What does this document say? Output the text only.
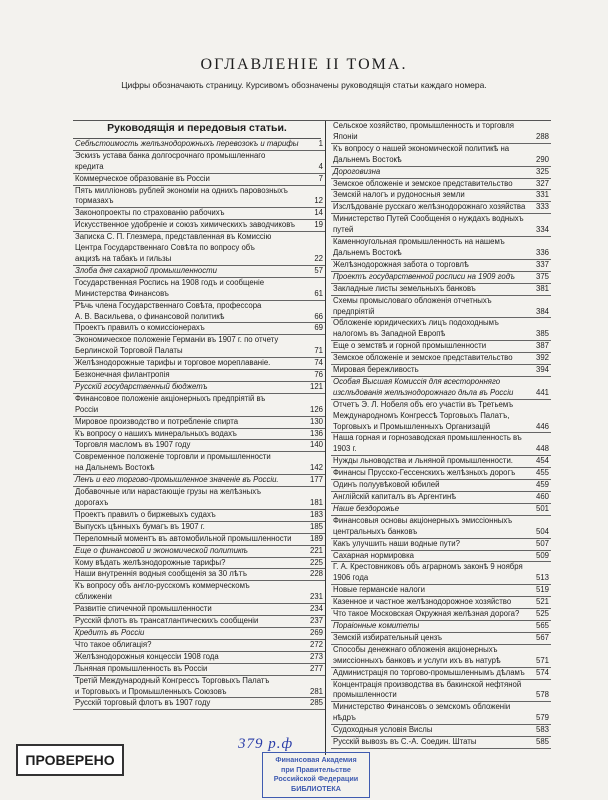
ОГЛАВЛЕНІЕ II ТОМА.
Цифры обозначають страницу. Курсивомъ обозначены руководящія статьи каждаго номера.
Руководящія и передовыя статьи.
Себѣстоимость желѣзнодорожныхъ перевозокъ и тарифы	1
Эскизъ устава банка долгосрочнаго промышленнаго
кредита	4
Коммерческое образованіе въ Россіи	7
Пять милліоновъ рублей экономіи на однихъ паровозныхъ тормазахъ	12
Законопроекты по страхованію рабочихъ	14
Искусственное удобреніе и союзъ химическихъ заводчиковъ	19
Записка С. П. Глезмера, представленная въ Комиссію
Центра Государственнаго Совѣта по вопросу объ
акцизѣ на табакъ и гильзы	22
Злоба дня сахарной промышленности	57
Государственная Роспись на 1908 годъ и сообщеніе
Министерства Финансовъ	61
Рѣчь члена Государственнаго Совѣта, профессора
А. В. Васильева, о финансовой политикѣ	66
Проектъ правилъ о комиссіонерахъ	69
Экономическое положеніе Германіи въ 1907 г. по отчету Берлинской Торговой Палаты	71
Желѣзнодорожные тарифы и торговое мореплаваніе.	74
Безконечная филантропія	76
Русскій государственный бюджетъ	121
Финансовое положеніе акціонерныхъ предпріятій въ
Россіи	126
Мировое производство и потребленіе спирта	130
Къ вопросу о нашихъ минеральныхъ водахъ	136
Торговля масломъ въ 1907 году	140
Современное положеніе торговли и промышленности
на Дальнемъ Востокѣ	142
Ленъ и его торгово-промышленное значеніе въ Россіи.	177
Добавочные или нарастающіе грузы на желѣзныхъ
дорогахъ	181
Проектъ правилъ о биржевыхъ судахъ	183
Выпускъ цѣнныхъ бумагъ въ 1907 г.	185
Переломный моментъ въ автомобильной промышленности	189
Еще о финансовой и экономической политикѣ	221
Кому вѣдать желѣзнодорожные тарифы?	225
Наши внутреннія водныя сообщенія за 30 лѣтъ	228
Къ вопросу объ англо-русскомъ коммерческомъ
сближеніи	231
Развитіе спичечной промышленности	234
Русскій флотъ въ трансатлантическихъ сообщеніи	237
Кредитъ въ Россіи	269
Что такое облигація?	272
Желѣзнодорожныя концессіи 1908 года	273
Льняная промышленность въ Россіи	277
Третій Международный Конгрессъ Торговыхъ Палатъ
и Торговыхъ и Промышленныхъ Союзовъ	281
Русскій торговый флотъ въ 1907 году	285
Сельское хозяйство, промышленность и торговля
Японіи	288
Къ вопросу о нашей экономической политикѣ на
Дальнемъ Востокѣ	290
Дороговизна	325
Земское обложеніе и земское представительство	327
Земскій налогъ и рудоносныя земли	331
Изслѣдованіе русскаго желѣзнодорожнаго хозяйства 333
Министерство Путей Сообщенія о нуждахъ водныхъ
путей	334
Каменноугольная промышленность на нашемъ Дальнемъ Востокѣ	336
Желѣзнодорожная забота о торговлѣ	337
Проектъ государственной росписи на 1909 годъ	375
Закладные листы земельныхъ банковъ	381
Схемы промысловаго обложенія отчетныхъ предпріятій	384
Обложеніе юридическихъ лицъ подоходнымъ налогомъ въ Западной Европѣ	385
Еще о земствѣ и горной промышленности	387
Земское обложеніе и земское представительство	392
Мировая бережливость	394
Особая Высшая Комиссія для всесторонняго изслѣдованія желѣзнодорожнаго дѣла въ Россіи	441
Отчетъ Э. Л. Нобеля объ его участіи въ Третьемъ Международномъ Конгрессѣ Торговыхъ Палатъ,
Торговыхъ и Промышленныхъ Организацій	446
Наша горная и горнозаводская промышленность въ
1903 г.	448
Нужды льноводства и льняной промышленности.	454
Финансы Прусско-Гессенскихъ желѣзныхъ дорогъ	455
Одинъ полуувѣковой юбилей	459
Англійскій капиталъ въ Аргентинѣ	460
Наше бездорожье	501
Финансовыя основы акціонерныхъ эмиссіонныхъ
центральныхъ банковъ	504
Какъ улучшить наши водные пути?	507
Сахарная нормировка	509
Г. А. Крестовниковъ объ аграрномъ законѣ 9 ноября
1906 года	513
Новые германскіе налоги	519
Казенное и частное желѣзнодорожное хозяйство	521
Что такое Московская Окружная желѣзная дорога?	525
Пораіонные комитеты	565
Земскій избирательный цензъ	567
Способы денежнаго обложенія акціонерныхъ эмиссіонныхъ банковъ и услуги ихъ въ натурѣ	571
Администрація по торгово-промышленнымъ дѣламъ 574
Концентрація производства въ бакинской нефтяной
промышленности	578
Министерство Финансовъ о земскомъ обложеніи нѣдръ	579
Судоходныя условія Вислы	583
Русскій вывозъ въ С.-А. Соедин. Штаты	585
ПРОВЕРЕНО
379 р.ф
Финансовая Академия
при Правительстве
Российской Федерации
БИБЛИОТЕКА
